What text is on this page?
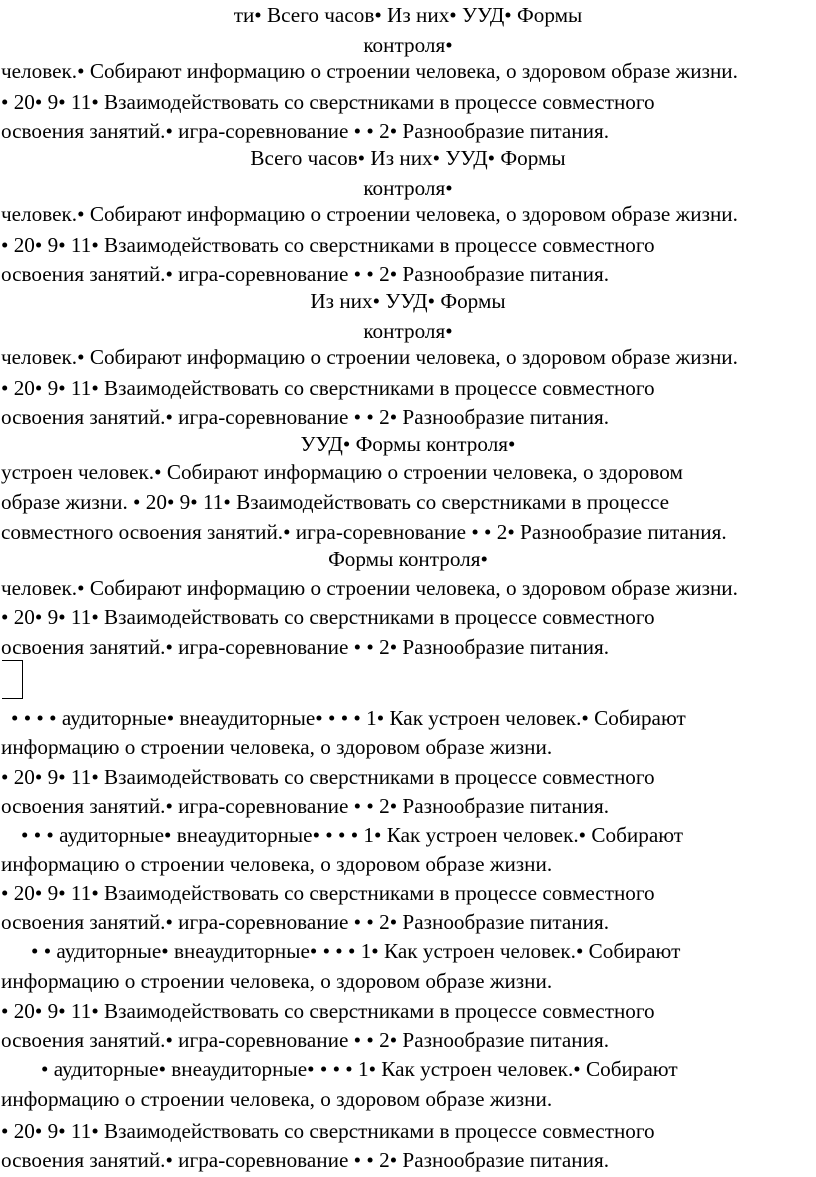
ти• Всего часов• Из них• УУД• Формы

контроля•

человек.• Собирают информацию о строении человека, о здоровом образе жизни.

• 20• 9• 11• Взаимодействовать со сверстниками в процессе совместного

освоения занятий.• игра-соревнование • • 2• Разнообразие питания.

Всего часов• Из них• УУД• Формы

контроля•

человек.• Собирают информацию о строении человека, о здоровом образе жизни.

• 20• 9• 11• Взаимодействовать со сверстниками в процессе совместного

освоения занятий.• игра-соревнование • • 2• Разнообразие питания.

Из них• УУД• Формы

контроля•

человек.• Собирают информацию о строении человека, о здоровом образе жизни.

• 20• 9• 11• Взаимодействовать со сверстниками в процессе совместного

освоения занятий.• игра-соревнование • • 2• Разнообразие питания.

УУД• Формы контроля•

устроен человек.• Собирают информацию о строении человека, о здоровом

образе жизни. • 20• 9• 11• Взаимодействовать со сверстниками в процессе

совместного освоения занятий.• игра-соревнование • • 2• Разнообразие питания.

Формы контроля•

человек.• Собирают информацию о строении человека, о здоровом образе жизни.

• 20• 9• 11• Взаимодействовать со сверстниками в процессе совместного

освоения занятий.• игра-соревнование • • 2• Разнообразие питания.

• • • • аудиторные• внеаудиторные• • • • 1• Как устроен человек.• Собирают

информацию о строении человека, о здоровом образе жизни.

• 20• 9• 11• Взаимодействовать со сверстниками в процессе совместного

освоения занятий.• игра-соревнование • • 2• Разнообразие питания.

• • • аудиторные• внеаудиторные• • • • 1• Как устроен человек.• Собирают

информацию о строении человека, о здоровом образе жизни.

• 20• 9• 11• Взаимодействовать со сверстниками в процессе совместного

освоения занятий.• игра-соревнование • • 2• Разнообразие питания.

• • аудиторные• внеаудиторные• • • • 1• Как устроен человек.• Собирают

информацию о строении человека, о здоровом образе жизни.

• 20• 9• 11• Взаимодействовать со сверстниками в процессе совместного

освоения занятий.• игра-соревнование • • 2• Разнообразие питания.

• аудиторные• внеаудиторные• • • • 1• Как устроен человек.• Собирают

информацию о строении человека, о здоровом образе жизни.

• 20• 9• 11• Взаимодействовать со сверстниками в процессе совместного

освоения занятий.• игра-соревнование • • 2• Разнообразие питания.
